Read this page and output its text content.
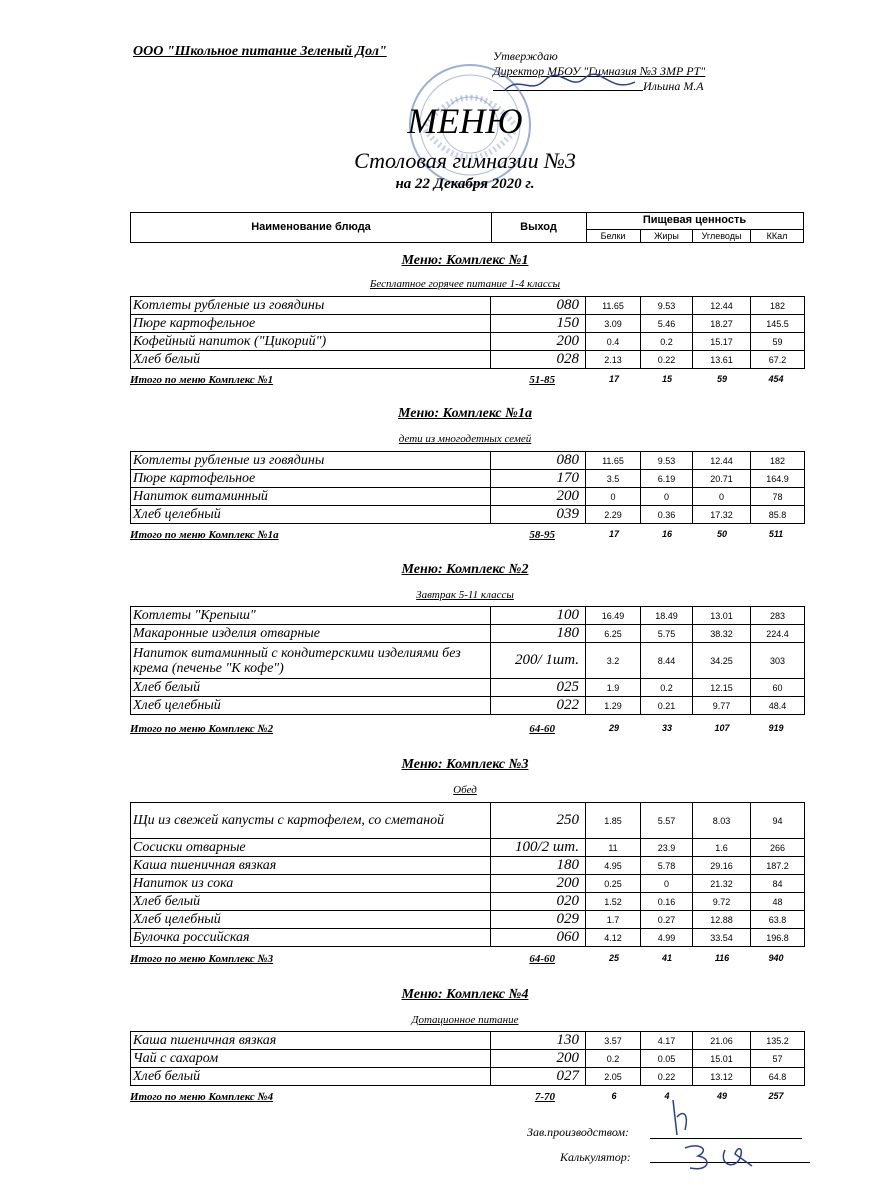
ООО "Школьное питание Зеленый Дол"	Утверждаю
Директор МБОУ "Гимназия №3 ЗМР РТ"
Ильина М.А
МЕНЮ
Столовая гимназии №3
на 22 Декабря 2020 г.
Наименование блюда	Выход
Пищевая ценность
Белки	Жиры	Углеводы	ККал
Меню: Комплекс №1
Бесплатное горячее питание 1-4 классы
Котлеты рубленые из говядины	080	11.65	9.53	12.44	182
Пюре картофельное	150	3.09	5.46	18.27	145.5
Кофейный напиток ("Цикорий")	200	0.4	0.2	15.17	59
Хлеб белый	028	2.13	0.22	13.61	67.2
Итого по меню Комплекс №1	51-85	17	15	59	454
Меню: Комплекс №1а
дети из многодетных семей
Котлеты рубленые из говядины	080	11.65	9.53	12.44	182
Пюре картофельное	170	3.5	6.19	20.71	164.9
Напиток витаминный	200	0	0	0	78
Хлеб целебный	039	2.29	0.36	17.32	85.8
Итого по меню Комплекс №1а	58-95	17	16	50	511
Меню: Комплекс №2
Завтрак 5-11 классы
Котлеты "Крепыш"	100	16.49	18.49	13.01	283
Макаронные изделия отварные	180	6.25	5.75	38.32	224.4
Напиток витаминный с кондитерскими изделиями без крема (печенье "К кофе")	200/ 1шт.	3.2	8.44	34.25	303
Хлеб белый	025	1.9	0.2	12.15	60
Хлеб целебный	022	1.29	0.21	9.77	48.4
Итого по меню Комплекс №2	64-60	29	33	107	919
Меню: Комплекс №3
Обед
Щи из свежей капусты с картофелем, со сметаной	250	1.85	5.57	8.03	94
Сосиски отварные	100/2 шт.	11	23.9	1.6	266
Каша пшеничная вязкая	180	4.95	5.78	29.16	187.2
Напиток из сока	200	0.25	0	21.32	84
Хлеб белый	020	1.52	0.16	9.72	48
Хлеб целебный	029	1.7	0.27	12.88	63.8
Булочка российская	060	4.12	4.99	33.54	196.8
Итого по меню Комплекс №3	64-60	25	41	116	940
Меню: Комплекс №4
Дотационное питание
Каша пшеничная вязкая	130	3.57	4.17	21.06	135.2
Чай с сахаром	200	0.2	0.05	15.01	57
Хлеб белый	027	2.05	0.22	13.12	64.8
Итого по меню Комплекс №4	7-70	6	4	49	257
Зав.производством:
Калькулятор:
